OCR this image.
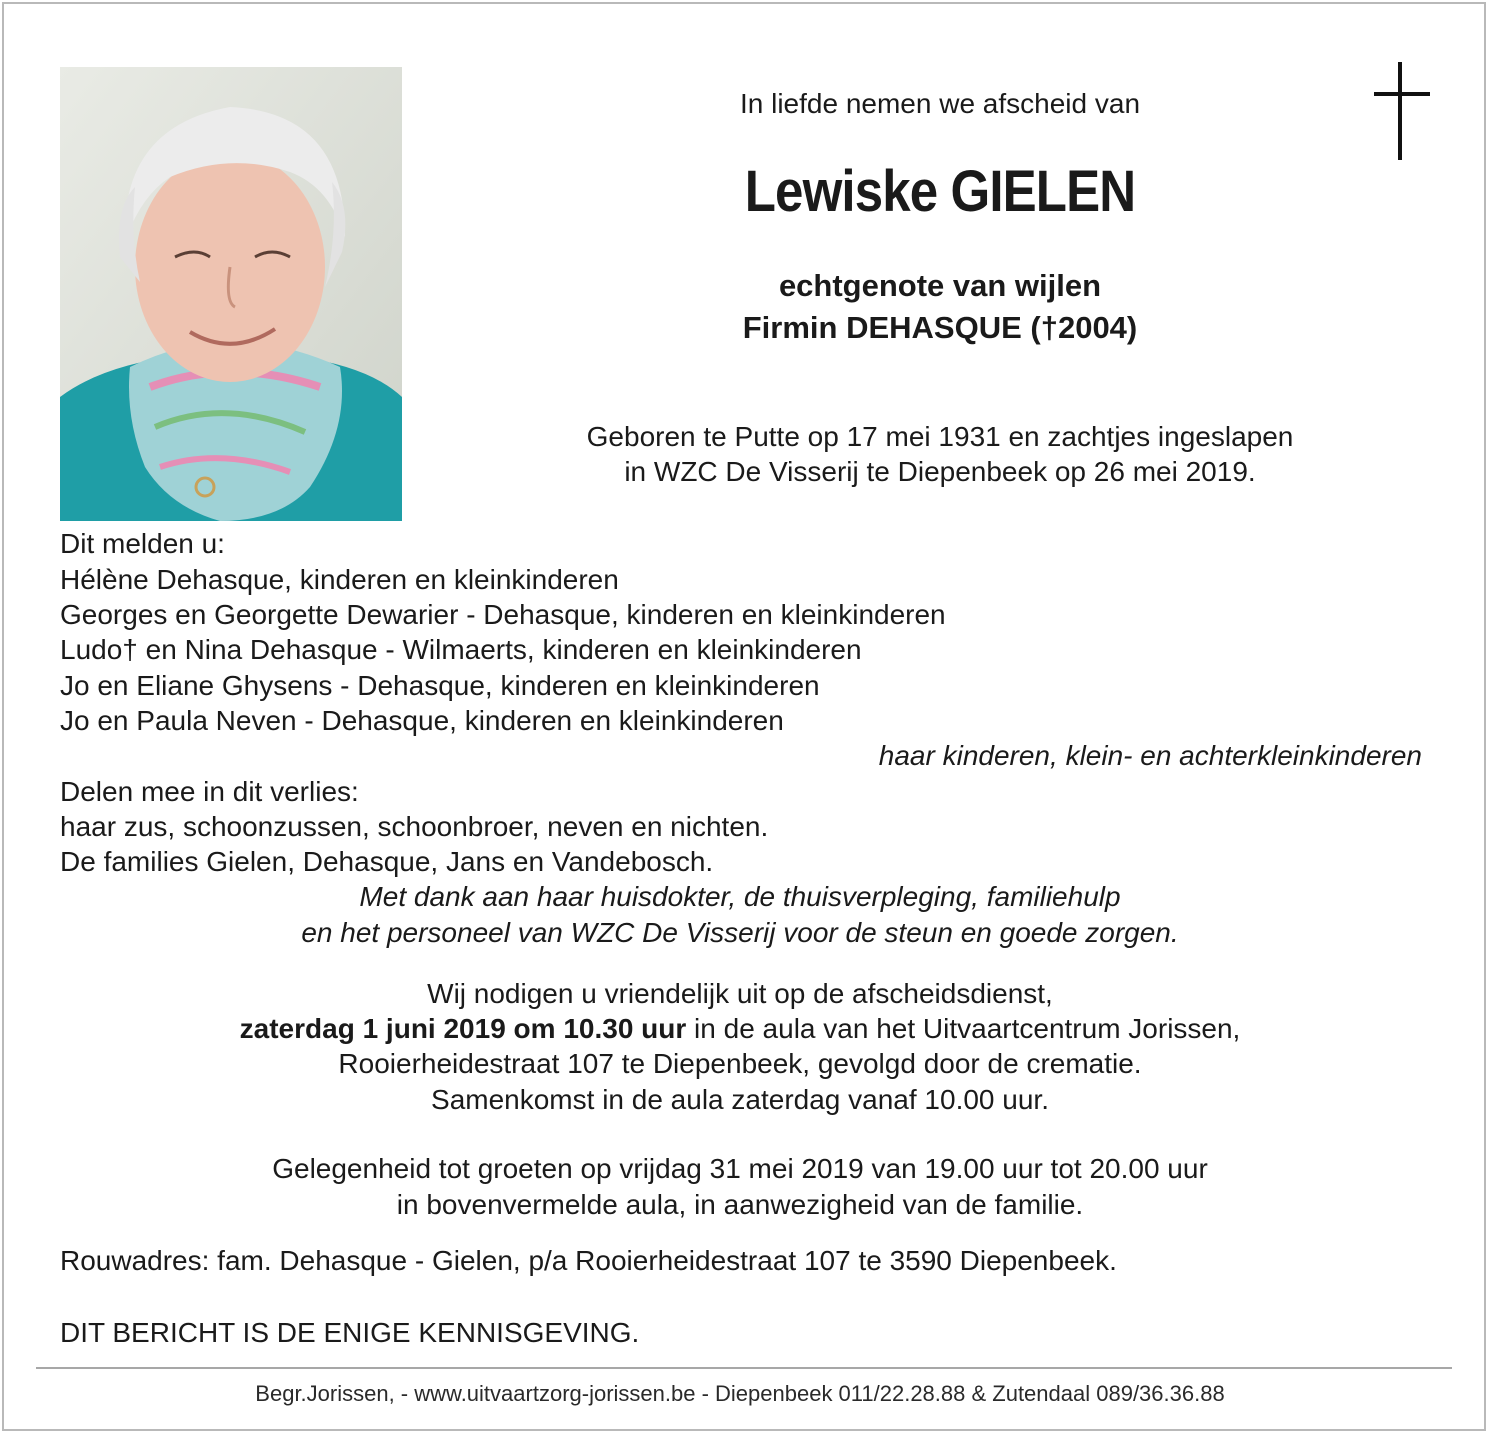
In liefde nemen we afscheid van
Lewiske GIELEN
echtgenote van wijlen
Firmin DEHASQUE (†2004)
Geboren te Putte op 17 mei 1931 en zachtjes ingeslapen
in WZC De Visserij te Diepenbeek op 26 mei 2019.
Dit melden u:
Hélène Dehasque, kinderen en kleinkinderen
Georges en Georgette Dewarier - Dehasque, kinderen en kleinkinderen
Ludo† en Nina Dehasque - Wilmaerts, kinderen en kleinkinderen
Jo en Eliane Ghysens - Dehasque, kinderen en kleinkinderen
Jo en Paula Neven - Dehasque, kinderen en kleinkinderen
haar kinderen, klein- en achterkleinkinderen
Delen mee in dit verlies:
haar zus, schoonzussen, schoonbroer, neven en nichten.
De families Gielen, Dehasque, Jans en Vandebosch.
Met dank aan haar huisdokter, de thuisverpleging, familiehulp
en het personeel van WZC De Visserij voor de steun en goede zorgen.
Wij nodigen u vriendelijk uit op de afscheidsdienst,
zaterdag 1 juni 2019 om 10.30 uur in de aula van het Uitvaartcentrum Jorissen,
Rooierheidestraat 107 te Diepenbeek, gevolgd door de crematie.
Samenkomst in de aula zaterdag vanaf 10.00 uur.
Gelegenheid tot groeten op vrijdag 31 mei 2019 van 19.00 uur tot 20.00 uur
in bovenvermelde aula, in aanwezigheid van de familie.
Rouwadres: fam. Dehasque - Gielen, p/a Rooierheidestraat 107 te 3590 Diepenbeek.
DIT BERICHT IS DE ENIGE KENNISGEVING.
Begr.Jorissen, - www.uitvaartzorg-jorissen.be - Diepenbeek 011/22.28.88 & Zutendaal 089/36.36.88
